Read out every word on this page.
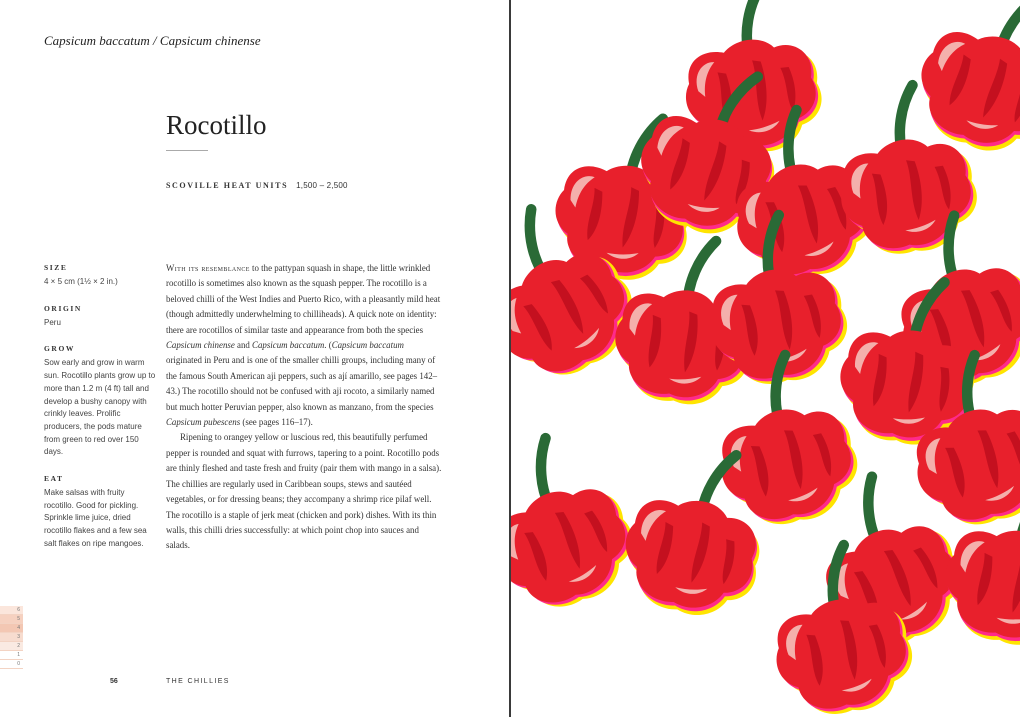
Capsicum baccatum / Capsicum chinense
Rocotillo
SCOVILLE HEAT UNITS 1,500 – 2,500
SIZE

4 × 5 cm (1½ × 2 in.)

ORIGIN

Peru

GROW

Sow early and grow in warm sun. Rocotillo plants grow up to more than 1.2 m (4 ft) tall and develop a bushy canopy with crinkly leaves. Prolific producers, the pods mature from green to red over 150 days.

EAT

Make salsas with fruity rocotillo. Good for pickling. Sprinkle lime juice, dried rocotillo flakes and a few sea salt flakes on ripe mangoes.

With its resemblance to the pattypan squash in shape, the little wrinkled rocotillo is sometimes also known as the squash pepper. The rocotillo is a beloved chilli of the West Indies and Puerto Rico, with a pleasantly mild heat (though admittedly underwhelming to chilliheads). A quick note on identity: there are rocotillos of similar taste and appearance from both the species Capsicum chinense and Capsicum baccatum. (Capsicum baccatum originated in Peru and is one of the smaller chilli groups, including many of the famous South American aji peppers, such as ají amarillo, see pages 142–43.) The rocotillo should not be confused with aji rocoto, a similarly named but much hotter Peruvian pepper, also known as manzano, from the species Capsicum pubescens (see pages 116–17).

Ripening to orangey yellow or luscious red, this beautifully perfumed pepper is rounded and squat with furrows, tapering to a point. Rocotillo pods are thinly fleshed and taste fresh and fruity (pair them with mango in a salsa). The chillies are regularly used in Caribbean soups, stews and sautéed vegetables, or for dressing beans; they accompany a shrimp rice pilaf well. The rocotillo is a staple of jerk meat (chicken and pork) dishes. With its thin walls, this chilli dries successfully: at which point chop into sauces and salads.

6
5
4
3
2
1
0
56	THE CHILLIES
